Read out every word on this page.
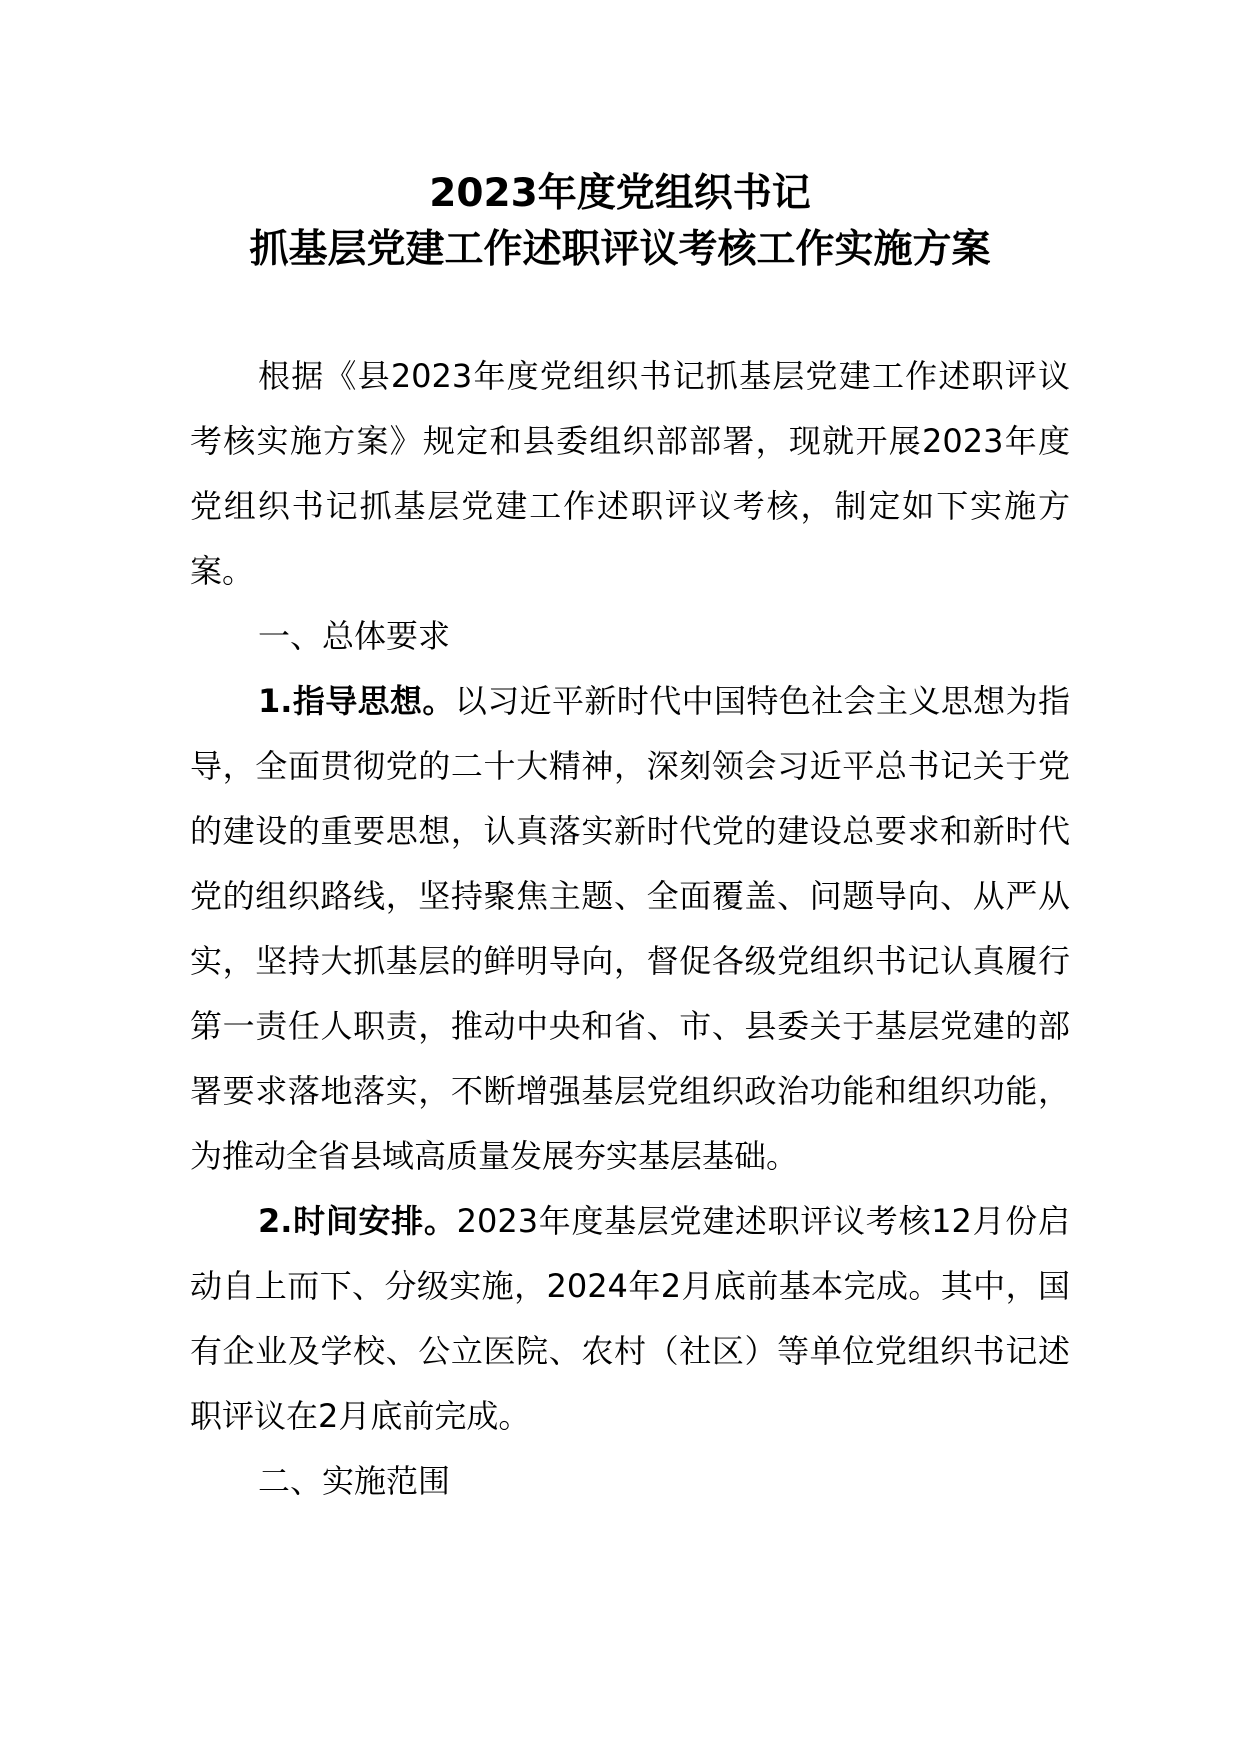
2023年度党组织书记
抓基层党建工作述职评议考核工作实施方案

根据《县2023年度党组织书记抓基层党建工作述职评议考核实施方案》规定和县委组织部部署，现就开展2023年度党组织书记抓基层党建工作述职评议考核，制定如下实施方案。

一、总体要求

1.指导思想。以习近平新时代中国特色社会主义思想为指导，全面贯彻党的二十大精神，深刻领会习近平总书记关于党的建设的重要思想，认真落实新时代党的建设总要求和新时代党的组织路线，坚持聚焦主题、全面覆盖、问题导向、从严从实，坚持大抓基层的鲜明导向，督促各级党组织书记认真履行第一责任人职责，推动中央和省、市、县委关于基层党建的部署要求落地落实，不断增强基层党组织政治功能和组织功能，为推动全省县域高质量发展夯实基层基础。

2.时间安排。2023年度基层党建述职评议考核12月份启动自上而下、分级实施，2024年2月底前基本完成。其中，国有企业及学校、公立医院、农村（社区）等单位党组织书记述职评议在2月底前完成。

二、实施范围
